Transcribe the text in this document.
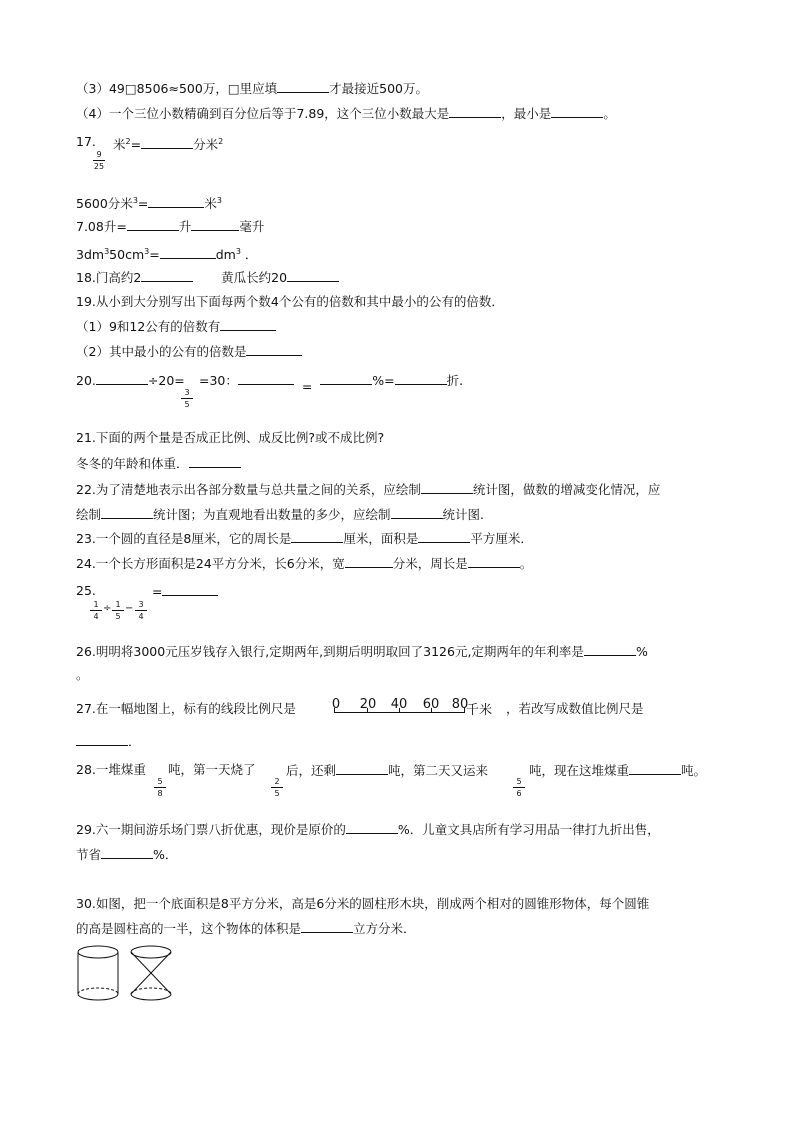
（3）49□8506≈500万，□里应填	才最接近500万。
（4）一个三位小数精确到百分位后等于7.89，这个三位小数最大是	，最小是	。
17.
9
25
米$^2$=	分米$^2$
5600分米$^3$=	米$^3$
7.08升=	升	毫升
$3dm^350cm^3=$	$dm^3$ ．
18.门高约2	黄瓜长约20
19.从小到大分别写出下面每两个数4个公有的倍数和其中最小的公有的倍数．
（1）9和12公有的倍数有
（2）其中最小的公有的倍数是
20.	÷20=
3
5
=30：	=	%=	折.
21.下面的两个量是否成正比例、成反比例?或不成比例?
冬冬的年龄和体重．
22.为了清楚地表示出各部分数量与总共量之间的关系，应绘制	统计图，做数的增减变化情况，应
绘制	统计图；为直观地看出数量的多少，应绘制	统计图.
23.一个圆的直径是8厘米，它的周长是	厘米，面积是	平方厘米．
24.一个长方形面积是24平方分米，长6分米，宽	分米，周长是	。
25.
1
4
÷ 1
5
− 3
4
=
26.明明将3000元压岁钱存入银行,定期两年,到期后明明取回了3126元,定期两年的年利率是	%
。
27.在一幅地图上，标有的线段比例尺是	0 20 40 60 80
千米 ，若改写成数值比例尺是
．
28.一堆煤重
5
8
吨，第一天烧了
2
5
后，还剩	吨，第二天又运来
5
6
吨，现在这堆煤重	吨。
29.六一期间游乐场门票八折优惠，现价是原价的	%．儿童文具店所有学习用品一律打九折出售，
节省	%．
30.如图，把一个底面积是8平方分米，高是6分米的圆柱形木块，削成两个相对的圆锥形物体，每个圆锥
的高是圆柱高的一半，这个物体的体积是	立方分米．
